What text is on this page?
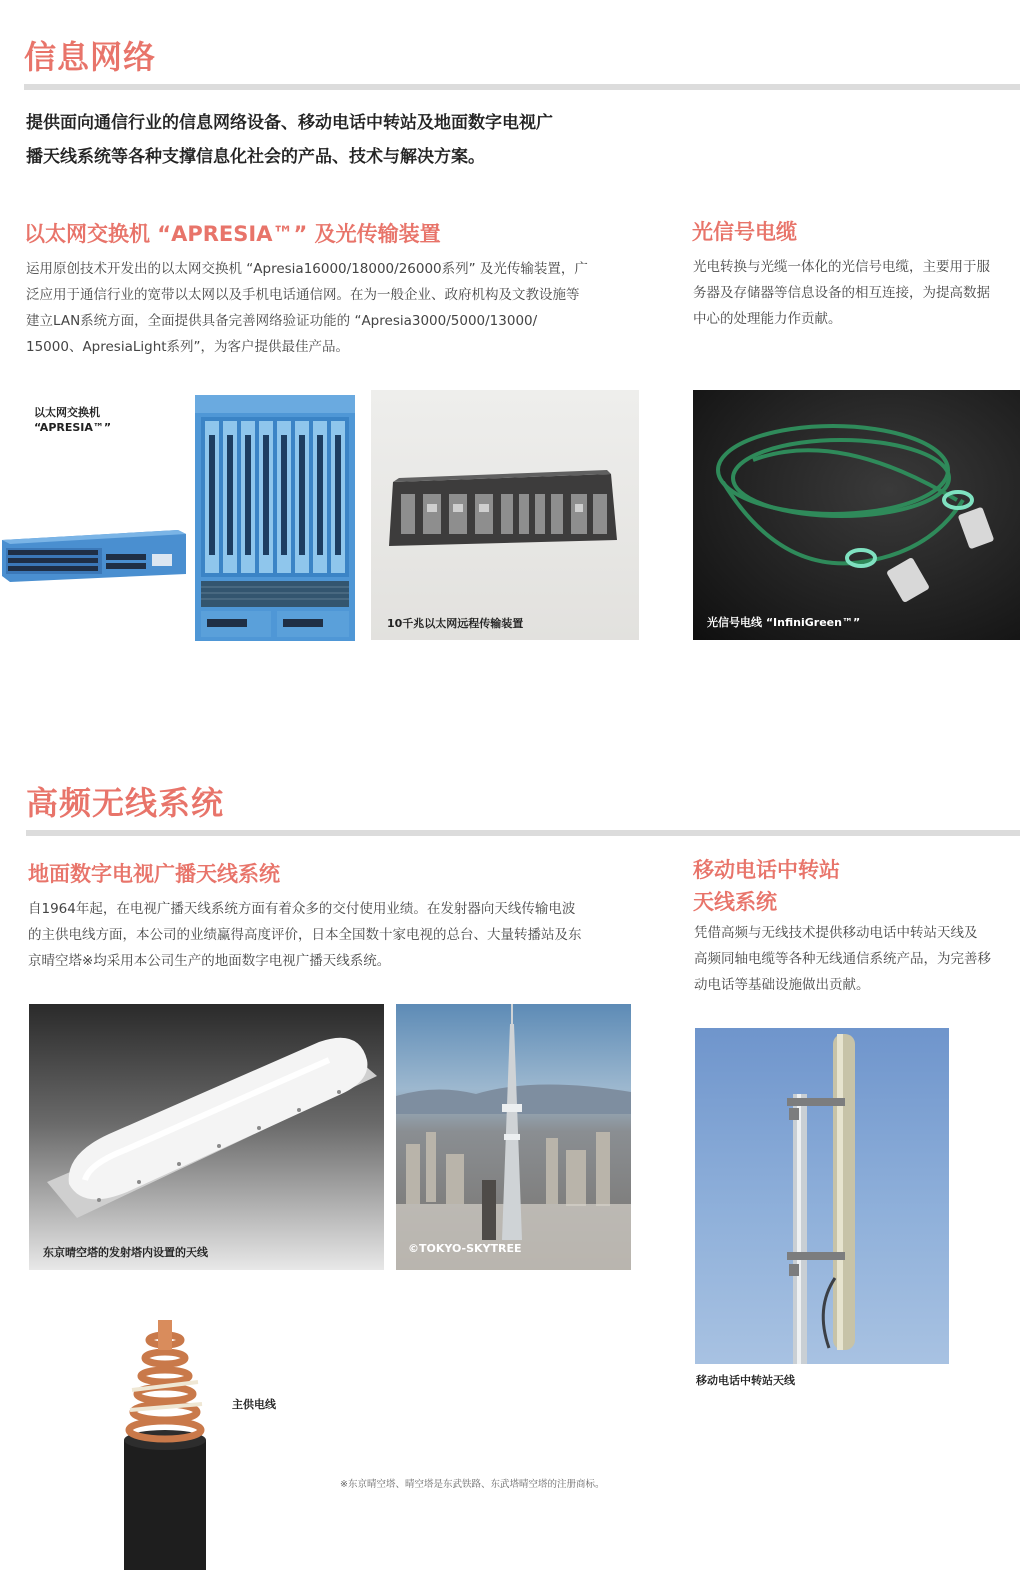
信息网络
提供面向通信行业的信息网络设备、移动电话中转站及地面数字电视广
播天线系统等各种支撑信息化社会的产品、技术与解决方案。
以太网交换机 “APRESIA™” 及光传输装置
运用原创技术开发出的以太网交换机 “Apresia16000/18000/26000系列” 及光传输装置，广
泛应用于通信行业的宽带以太网以及手机电话通信网。在为一般企业、政府机构及文教设施等
建立LAN系统方面，全面提供具备完善网络验证功能的 “Apresia3000/5000/13000/
15000、ApresiaLight系列”，为客户提供最佳产品。
光信号电缆
光电转换与光缆一体化的光信号电缆，主要用于服
务器及存储器等信息设备的相互连接，为提高数据
中心的处理能力作贡献。
以太网交换机
“APRESIA™”
10千兆以太网远程传输装置	光信号电线 “InfiniGreen™”
高频无线系统
地面数字电视广播天线系统
自1964年起，在电视广播天线系统方面有着众多的交付使用业绩。在发射器向天线传输电波
的主供电线方面，本公司的业绩赢得高度评价，日本全国数十家电视的总台、大量转播站及东
京晴空塔※均采用本公司生产的地面数字电视广播天线系统。
移动电话中转站
天线系统
凭借高频与无线技术提供移动电话中转站天线及
高频同轴电缆等各种无线通信系统产品，为完善移
动电话等基础设施做出贡献。
东京晴空塔的发射塔内设置的天线	©TOKYO-SKYTREE
移动电话中转站天线
主供电线
※东京晴空塔、晴空塔是东武铁路、东武塔晴空塔的注册商标。
